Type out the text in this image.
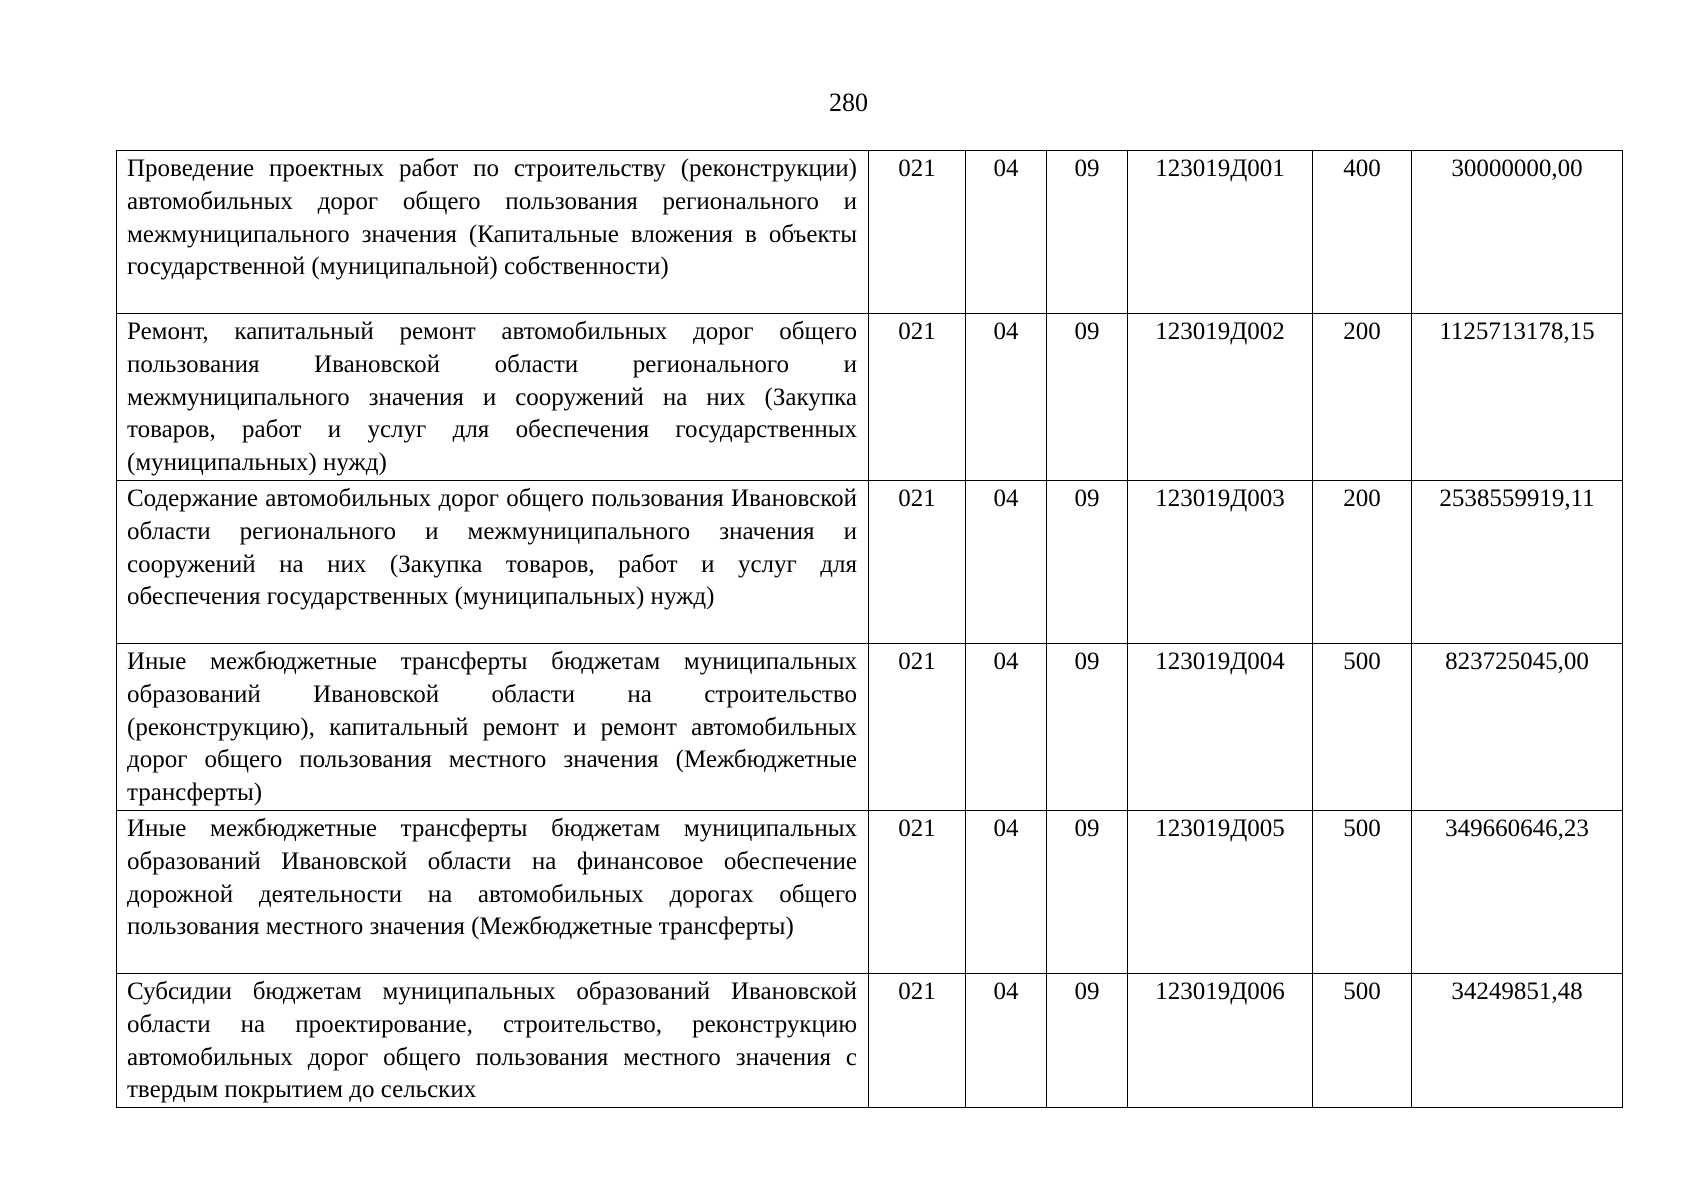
280
Проведение проектных работ по строительству (реконструкции) автомобильных дорог общего пользования регионального и межмуниципального значения (Капитальные вложения в объекты государственной (муниципальной) собственности)	021	04	09	123019Д001	400	30000000,00
Ремонт, капитальный ремонт автомобильных дорог общего пользования Ивановской области регионального и межмуниципального значения и сооружений на них (Закупка товаров, работ и услуг для обеспечения государственных (муниципальных) нужд)	021	04	09	123019Д002	200	1125713178,15
Содержание автомобильных дорог общего пользования Ивановской области регионального и межмуниципального значения и сооружений на них (Закупка товаров, работ и услуг для обеспечения государственных (муниципальных) нужд)	021	04	09	123019Д003	200	2538559919,11
Иные межбюджетные трансферты бюджетам муниципальных образований Ивановской области на строительство (реконструкцию), капитальный ремонт и ремонт автомобильных дорог общего пользования местного значения (Межбюджетные трансферты)	021	04	09	123019Д004	500	823725045,00
Иные межбюджетные трансферты бюджетам муниципальных образований Ивановской области на финансовое обеспечение дорожной деятельности на автомобильных дорогах общего пользования местного значения (Межбюджетные трансферты)	021	04	09	123019Д005	500	349660646,23
Субсидии бюджетам муниципальных образований Ивановской области на проектирование, строительство, реконструкцию автомобильных дорог общего пользования местного значения с твердым покрытием до сельских	021	04	09	123019Д006	500	34249851,48
